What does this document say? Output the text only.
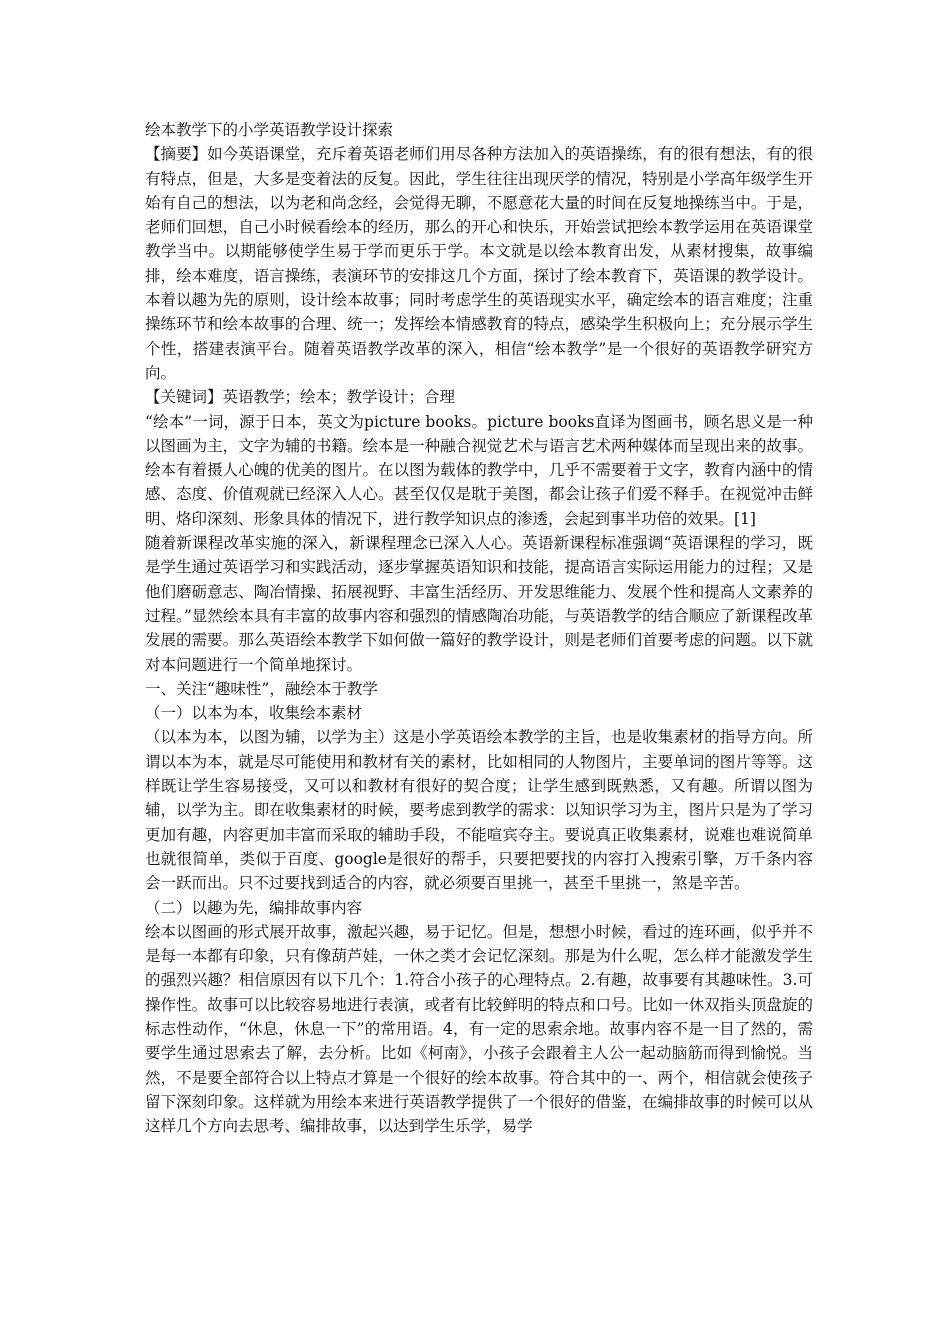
绘本教学下的小学英语教学设计探索

【摘要】如今英语课堂，充斥着英语老师们用尽各种方法加入的英语操练，有的很有想法，有的很有特点，但是，大多是变着法的反复。因此，学生往往出现厌学的情况，特别是小学高年级学生开始有自己的想法，以为老和尚念经，会觉得无聊，不愿意花大量的时间在反复地操练当中。于是，老师们回想，自己小时候看绘本的经历，那么的开心和快乐，开始尝试把绘本教学运用在英语课堂教学当中。以期能够使学生易于学而更乐于学。本文就是以绘本教育出发，从素材搜集，故事编排，绘本难度，语言操练，表演环节的安排这几个方面，探讨了绘本教育下，英语课的教学设计。本着以趣为先的原则，设计绘本故事；同时考虑学生的英语现实水平，确定绘本的语言难度；注重操练环节和绘本故事的合理、统一；发挥绘本情感教育的特点，感染学生积极向上；充分展示学生个性，搭建表演平台。随着英语教学改革的深入，相信“绘本教学”是一个很好的英语教学研究方向。

【关键词】英语教学；绘本；教学设计；合理

“绘本”一词，源于日本，英文为picture books。picture books直译为图画书，顾名思义是一种以图画为主，文字为辅的书籍。绘本是一种融合视觉艺术与语言艺术两种媒体而呈现出来的故事。绘本有着摄人心魄的优美的图片。在以图为载体的教学中，几乎不需要着于文字，教育内涵中的情感、态度、价值观就已经深入人心。甚至仅仅是耽于美图，都会让孩子们爱不释手。在视觉冲击鲜明、烙印深刻、形象具体的情况下，进行教学知识点的渗透，会起到事半功倍的效果。[1]

随着新课程改革实施的深入，新课程理念已深入人心。英语新课程标准强调“英语课程的学习，既是学生通过英语学习和实践活动，逐步掌握英语知识和技能，提高语言实际运用能力的过程；又是他们磨砺意志、陶冶情操、拓展视野、丰富生活经历、开发思维能力、发展个性和提高人文素养的过程。”显然绘本具有丰富的故事内容和强烈的情感陶冶功能，与英语教学的结合顺应了新课程改革发展的需要。那么英语绘本教学下如何做一篇好的教学设计，则是老师们首要考虑的问题。以下就对本问题进行一个简单地探讨。

一、关注“趣味性”，融绘本于教学

（一）以本为本，收集绘本素材

（以本为本，以图为辅，以学为主）这是小学英语绘本教学的主旨，也是收集素材的指导方向。所谓以本为本，就是尽可能使用和教材有关的素材，比如相同的人物图片，主要单词的图片等等。这样既让学生容易接受，又可以和教材有很好的契合度；让学生感到既熟悉，又有趣。所谓以图为辅，以学为主。即在收集素材的时候，要考虑到教学的需求：以知识学习为主，图片只是为了学习更加有趣，内容更加丰富而采取的辅助手段，不能喧宾夺主。要说真正收集素材，说难也难说简单也就很简单，类似于百度、google是很好的帮手，只要把要找的内容打入搜索引擎，万千条内容会一跃而出。只不过要找到适合的内容，就必须要百里挑一，甚至千里挑一，煞是辛苦。

（二）以趣为先，编排故事内容

绘本以图画的形式展开故事，激起兴趣，易于记忆。但是，想想小时候，看过的连环画，似乎并不是每一本都有印象，只有像葫芦娃，一休之类才会记忆深刻。那是为什么呢，怎么样才能激发学生的强烈兴趣？相信原因有以下几个：1.符合小孩子的心理特点。2.有趣，故事要有其趣味性。3.可操作性。故事可以比较容易地进行表演，或者有比较鲜明的特点和口号。比如一休双指头顶盘旋的标志性动作，“休息，休息一下”的常用语。4，有一定的思索余地。故事内容不是一目了然的，需要学生通过思索去了解，去分析。比如《柯南》，小孩子会跟着主人公一起动脑筋而得到愉悦。当然，不是要全部符合以上特点才算是一个很好的绘本故事。符合其中的一、两个，相信就会使孩子留下深刻印象。这样就为用绘本来进行英语教学提供了一个很好的借鉴，在编排故事的时候可以从这样几个方向去思考、编排故事，以达到学生乐学，易学
